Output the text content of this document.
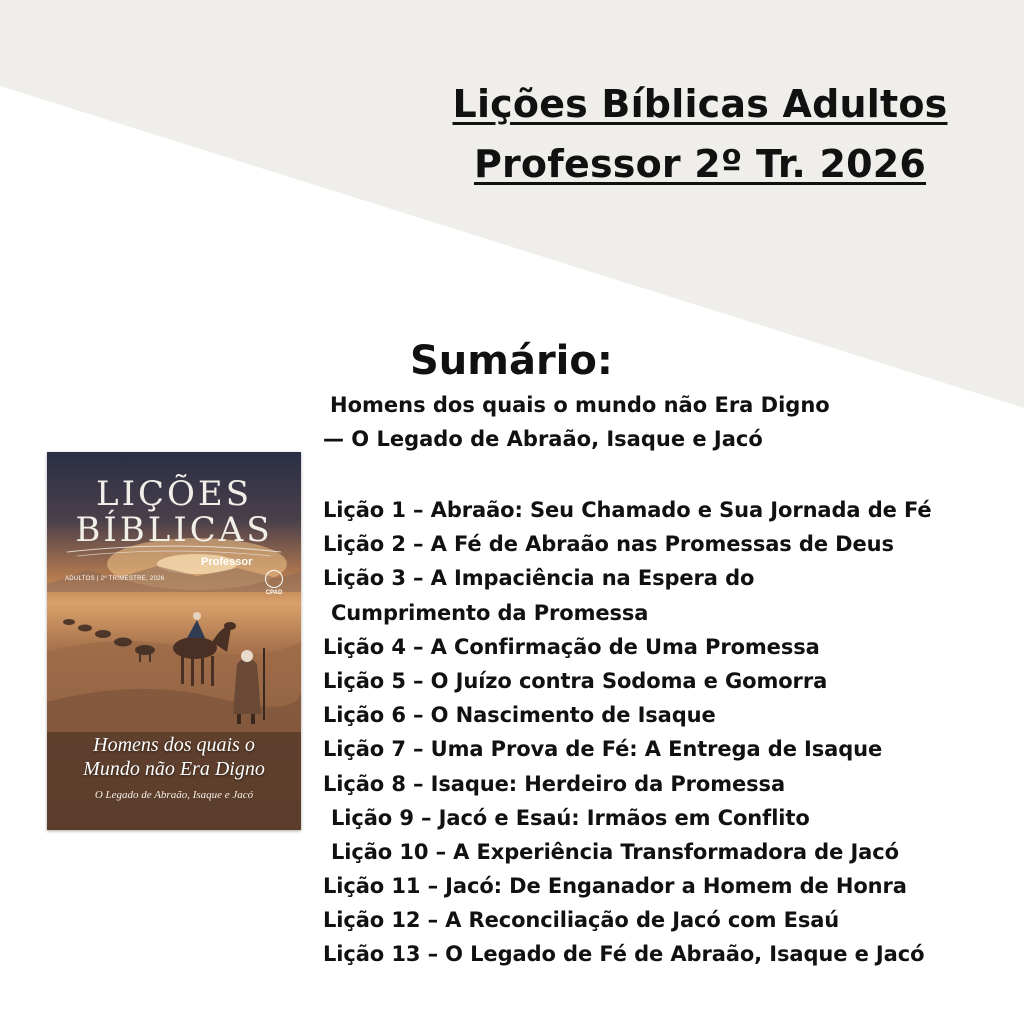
Lições Bíblicas Adultos
Professor 2º Tr. 2026
Sumário:

Homens dos quais o mundo não Era Digno

— O Legado de Abraão, Isaque e Jacó

Lição 1 – Abraão: Seu Chamado e Sua Jornada de Fé
Lição 2 – A Fé de Abraão nas Promessas de Deus
Lição 3 – A Impaciência na Espera do
Cumprimento da Promessa
Lição 4 – A Confirmação de Uma Promessa
Lição 5 – O Juízo contra Sodoma e Gomorra
Lição 6 – O Nascimento de Isaque
Lição 7 – Uma Prova de Fé: A Entrega de Isaque
Lição 8 – Isaque: Herdeiro da Promessa
Lição 9 – Jacó e Esaú: Irmãos em Conflito
Lição 10 – A Experiência Transformadora de Jacó
Lição 11 – Jacó: De Enganador a Homem de Honra
Lição 12 – A Reconciliação de Jacó com Esaú
Lição 13 – O Legado de Fé de Abraão, Isaque e Jacó

LIÇÕES

BÍBLICAS

Professor
ADULTOS | 2º TRIMESTRE, 2026
CPAD

Homens dos quais o

Mundo não Era Digno

O Legado de Abraão, Isaque e Jacó
